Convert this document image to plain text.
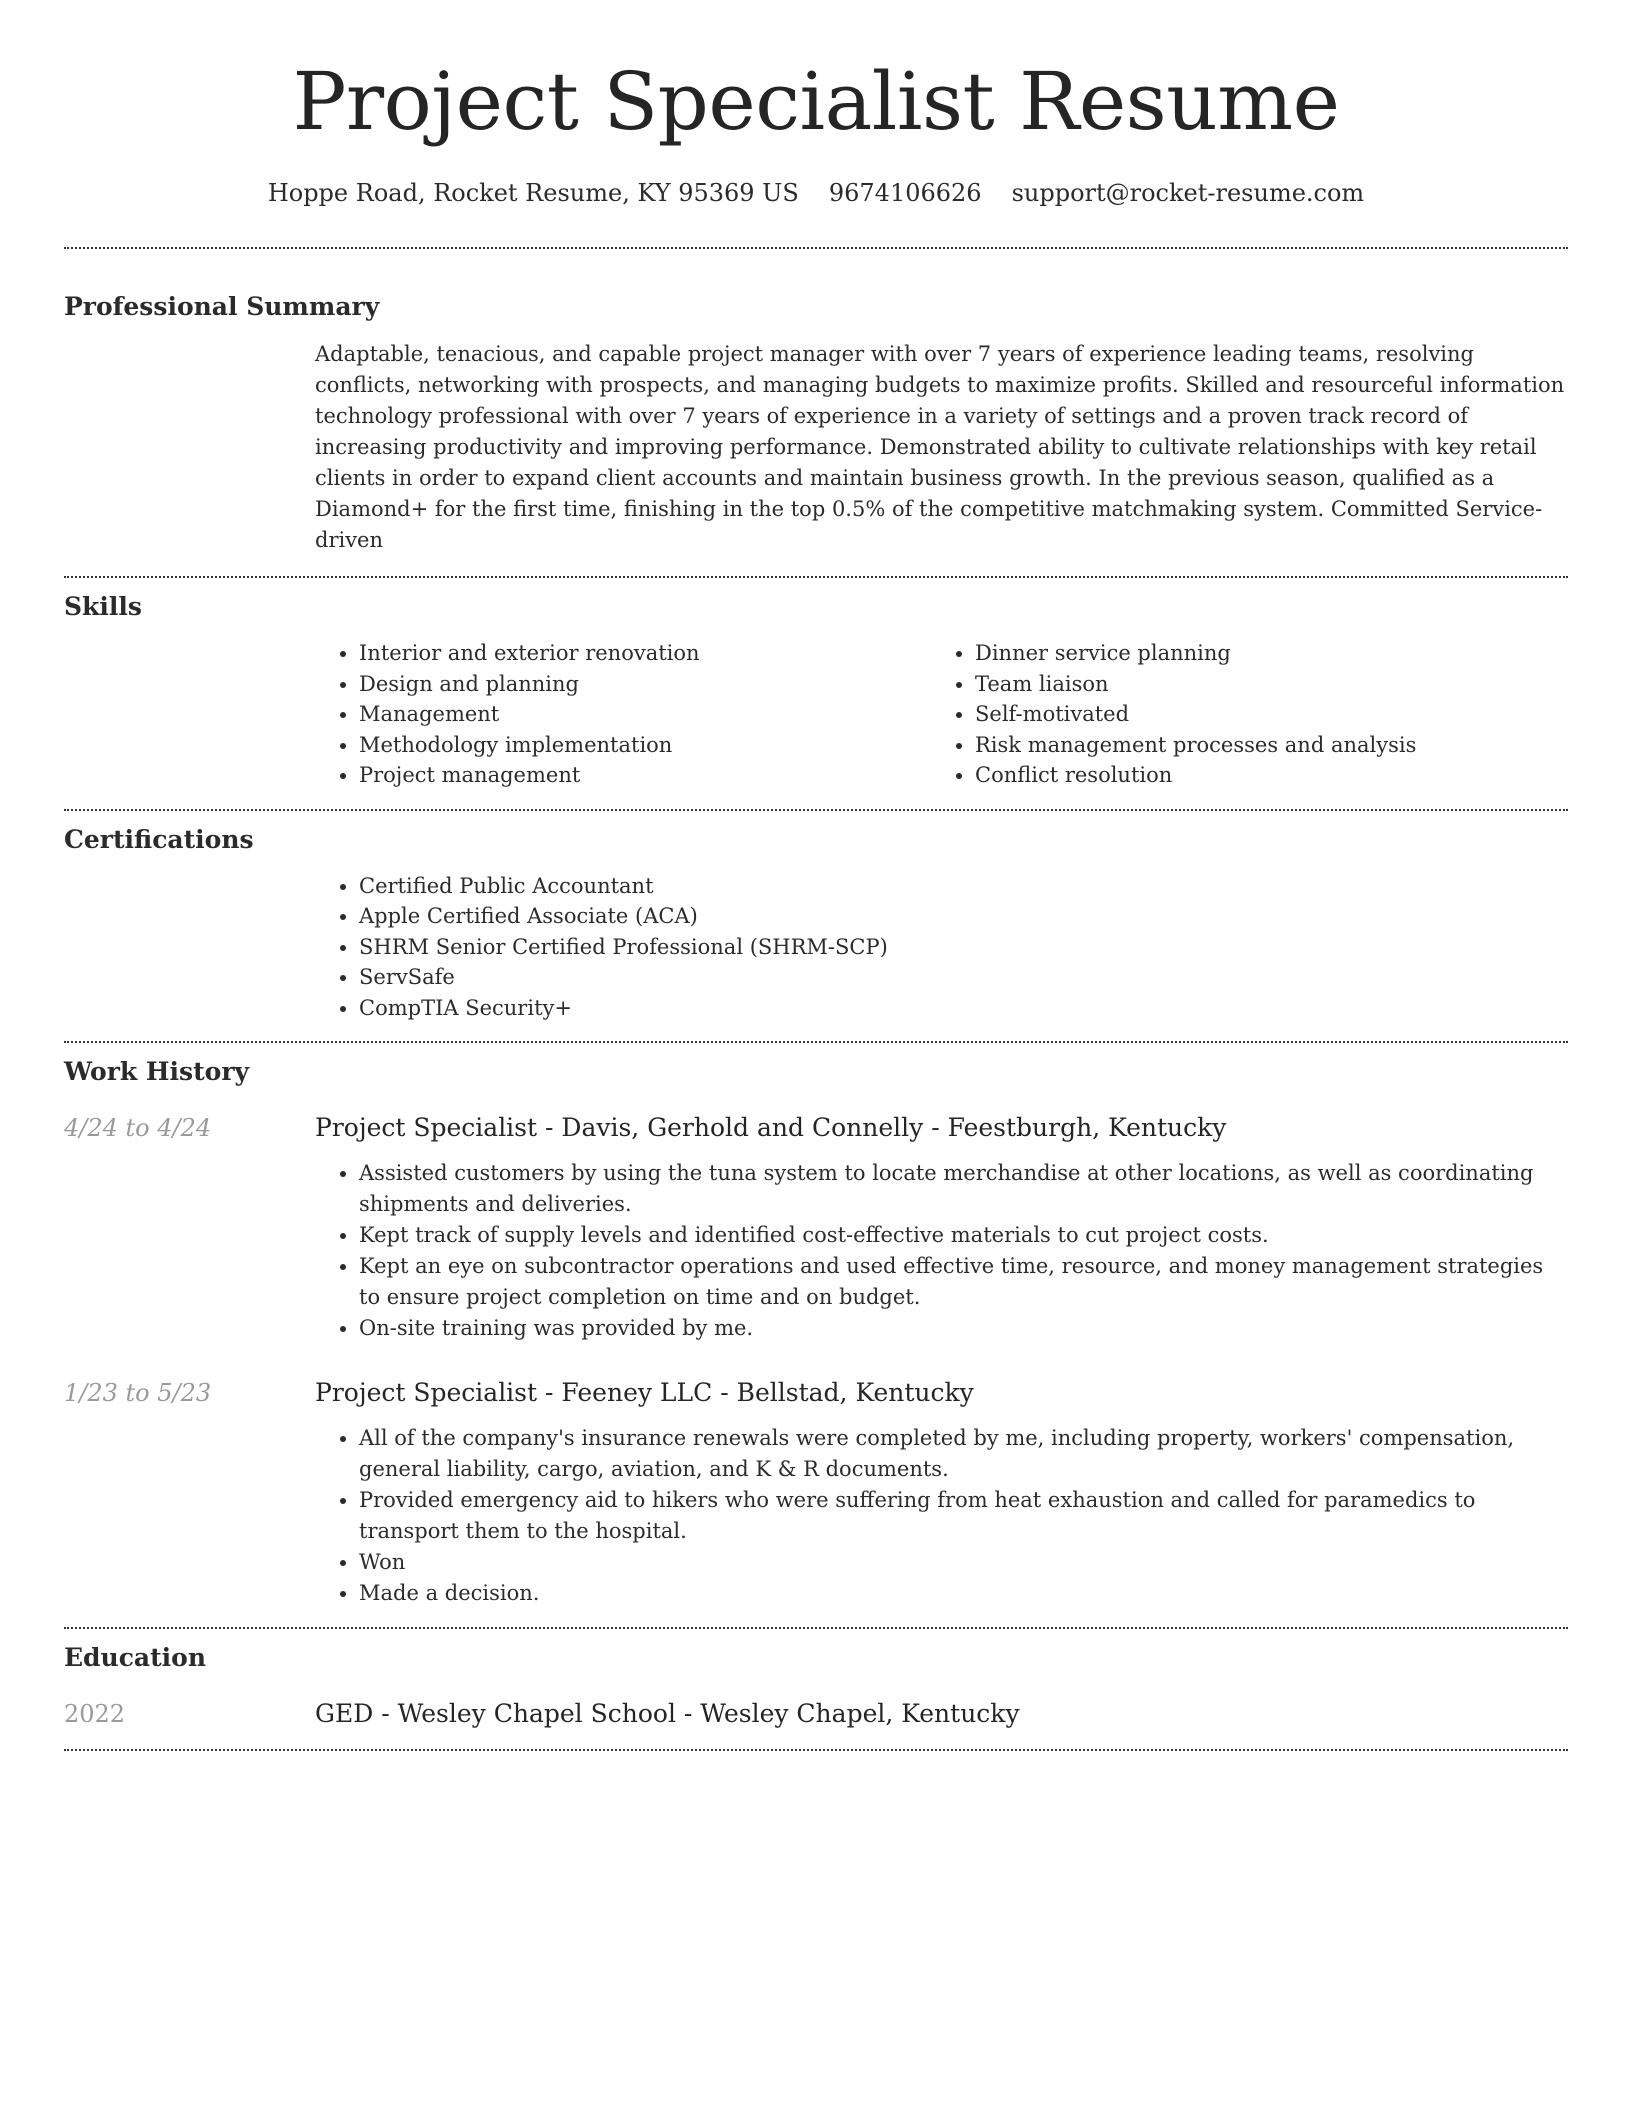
Project Specialist Resume
Hoppe Road, Rocket Resume, KY 95369 US 9674106626 support@rocket-resume.com
Professional Summary
Adaptable, tenacious, and capable project manager with over 7 years of experience leading teams, resolving conflicts, networking with prospects, and managing budgets to maximize profits. Skilled and resourceful information technology professional with over 7 years of experience in a variety of settings and a proven track record of increasing productivity and improving performance. Demonstrated ability to cultivate relationships with key retail clients in order to expand client accounts and maintain business growth. In the previous season, qualified as a Diamond+ for the first time, finishing in the top 0.5% of the competitive matchmaking system. Committed Service-driven
Skills
• Interior and exterior renovation
• Design and planning
• Management
• Methodology implementation
• Project management
• Dinner service planning
• Team liaison
• Self-motivated
• Risk management processes and analysis
• Conflict resolution
Certifications
• Certified Public Accountant
• Apple Certified Associate (ACA)
• SHRM Senior Certified Professional (SHRM-SCP)
• ServSafe
• CompTIA Security+
Work History
4/24 to 4/24	Project Specialist - Davis, Gerhold and Connelly - Feestburgh, Kentucky
• Assisted customers by using the tuna system to locate merchandise at other locations, as well as coordinating shipments and deliveries.
• Kept track of supply levels and identified cost-effective materials to cut project costs.
• Kept an eye on subcontractor operations and used effective time, resource, and money management strategies to ensure project completion on time and on budget.
• On-site training was provided by me.
1/23 to 5/23	Project Specialist - Feeney LLC - Bellstad, Kentucky
• All of the company's insurance renewals were completed by me, including property, workers' compensation, general liability, cargo, aviation, and K & R documents.
• Provided emergency aid to hikers who were suffering from heat exhaustion and called for paramedics to transport them to the hospital.
• Won
• Made a decision.
Education
2022	GED - Wesley Chapel School - Wesley Chapel, Kentucky
